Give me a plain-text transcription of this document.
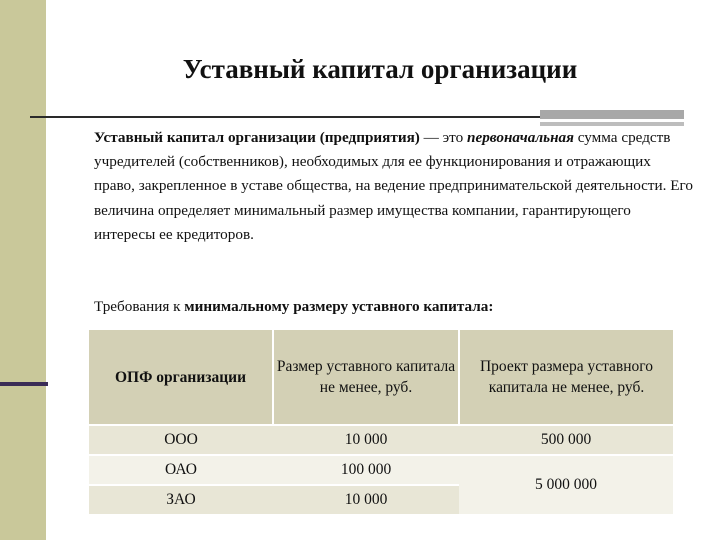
Уставный капитал организации
Уставный капитал организации (предприятия) — это первоначальная сумма средств учредителей (собственников), необходимых для ее функционирования и отражающих право, закрепленное в уставе общества, на ведение предпринимательской деятельности. Его величина определяет минимальный размер имущества компании, гарантирующего интересы ее кредиторов.
Требования к минимальному размеру уставного капитала:
ОПФ организации	Размер уставного капитала не менее, руб.	Проект размера уставного капитала не менее, руб.
ООО	10 000	500 000
ОАО	100 000	5 000 000
ЗАО	10 000	
